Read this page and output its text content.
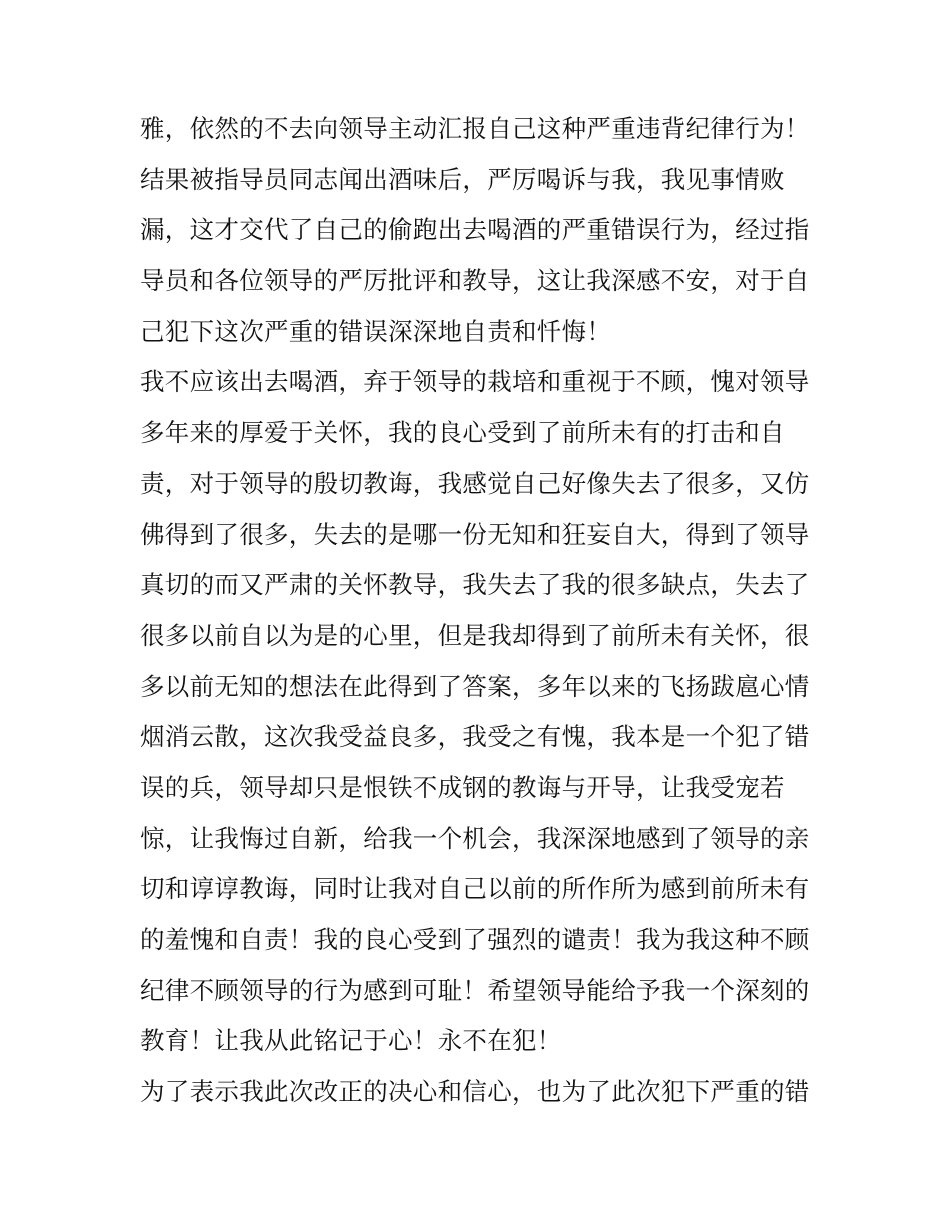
雅，依然的不去向领导主动汇报自己这种严重违背纪律行为！
结果被指导员同志闻出酒味后，严厉喝诉与我，我见事情败
漏，这才交代了自己的偷跑出去喝酒的严重错误行为，经过指
导员和各位领导的严厉批评和教导，这让我深感不安，对于自
己犯下这次严重的错误深深地自责和忏悔！
我不应该出去喝酒，弃于领导的栽培和重视于不顾，愧对领导
多年来的厚爱于关怀，我的良心受到了前所未有的打击和自
责，对于领导的殷切教诲，我感觉自己好像失去了很多，又仿
佛得到了很多，失去的是哪一份无知和狂妄自大，得到了领导
真切的而又严肃的关怀教导，我失去了我的很多缺点，失去了
很多以前自以为是的心里，但是我却得到了前所未有关怀，很
多以前无知的想法在此得到了答案，多年以来的飞扬跋扈心情
烟消云散，这次我受益良多，我受之有愧，我本是一个犯了错
误的兵，领导却只是恨铁不成钢的教诲与开导，让我受宠若
惊，让我悔过自新，给我一个机会，我深深地感到了领导的亲
切和谆谆教诲，同时让我对自己以前的所作所为感到前所未有
的羞愧和自责！我的良心受到了强烈的谴责！我为我这种不顾
纪律不顾领导的行为感到可耻！希望领导能给予我一个深刻的
教育！让我从此铭记于心！永不在犯！
为了表示我此次改正的决心和信心，也为了此次犯下严重的错
